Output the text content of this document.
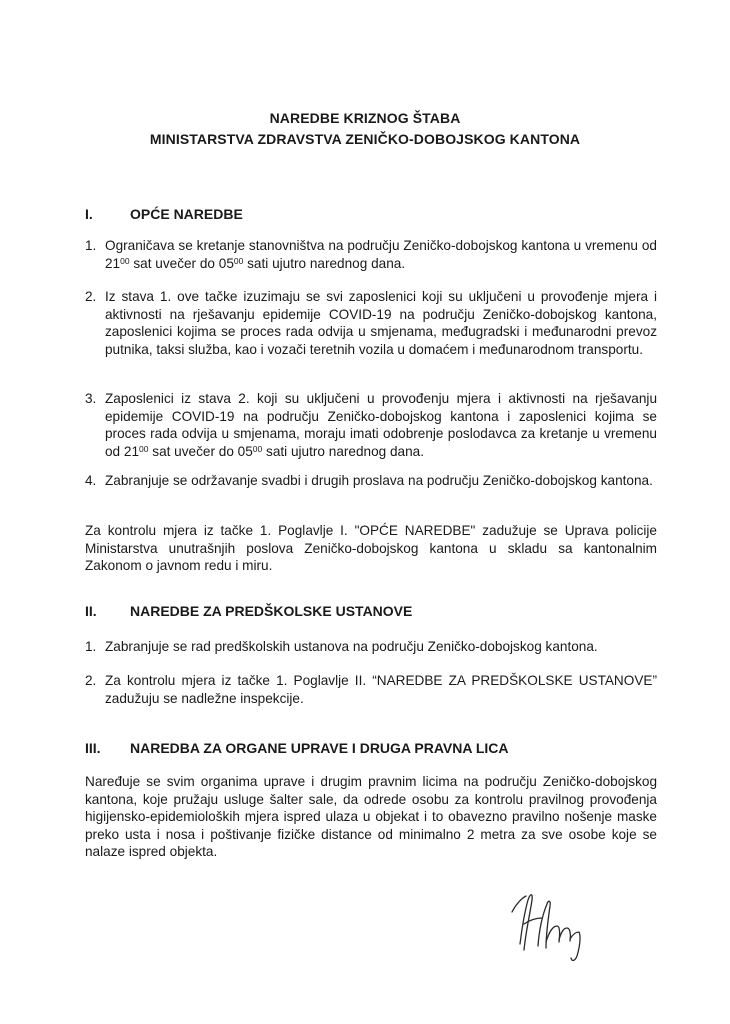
NAREDBE KRIZNOG ŠTABA
MINISTARSTVA ZDRAVSTVA ZENIČKO-DOBOJSKOG KANTONA
I.	OPĆE NAREDBE
1. Ograničava se kretanje stanovništva na području Zeničko-dobojskog kantona u vremenu od $21^{00}$ sat uvečer do $05^{00}$ sati ujutro narednog dana.
2. Iz stava 1. ove tačke izuzimaju se svi zaposlenici koji su uključeni u provođenje mjera i aktivnosti na rješavanju epidemije COVID-19 na području Zeničko-dobojskog kantona, zaposlenici kojima se proces rada odvija u smjenama, međugradski i međunarodni prevoz putnika, taksi služba, kao i vozači teretnih vozila u domaćem i međunarodnom transportu.
3. Zaposlenici iz stava 2. koji su uključeni u provođenju mjera i aktivnosti na rješavanju epidemije COVID-19 na području Zeničko-dobojskog kantona i zaposlenici kojima se proces rada odvija u smjenama, moraju imati odobrenje poslodavca za kretanje u vremenu od $21^{00}$ sat uvečer do $05^{00}$ sati ujutro narednog dana.
4. Zabranjuje se održavanje svadbi i drugih proslava na području Zeničko-dobojskog kantona.
Za kontrolu mjera iz tačke 1. Poglavlje I. "OPĆE NAREDBE" zadužuje se Uprava policije Ministarstva unutrašnjih poslova Zeničko-dobojskog kantona u skladu sa kantonalnim Zakonom o javnom redu i miru.
II. NAREDBE ZA PREDŠKOLSKE USTANOVE
1. Zabranjuje se rad predškolskih ustanova na području Zeničko-dobojskog kantona.
2. Za kontrolu mjera iz tačke 1. Poglavlje II. “NAREDBE ZA PREDŠKOLSKE USTANOVE” zadužuju se nadležne inspekcije.
III. NAREDBA ZA ORGANE UPRAVE I DRUGA PRAVNA LICA
Naređuje se svim organima uprave i drugim pravnim licima na području Zeničko-dobojskog kantona, koje pružaju usluge šalter sale, da odrede osobu za kontrolu pravilnog provođenja higijensko-epidemioloških mjera ispred ulaza u objekat i to obavezno pravilno nošenje maske preko usta i nosa i poštivanje fizičke distance od minimalno 2 metra za sve osobe koje se nalaze ispred objekta.
